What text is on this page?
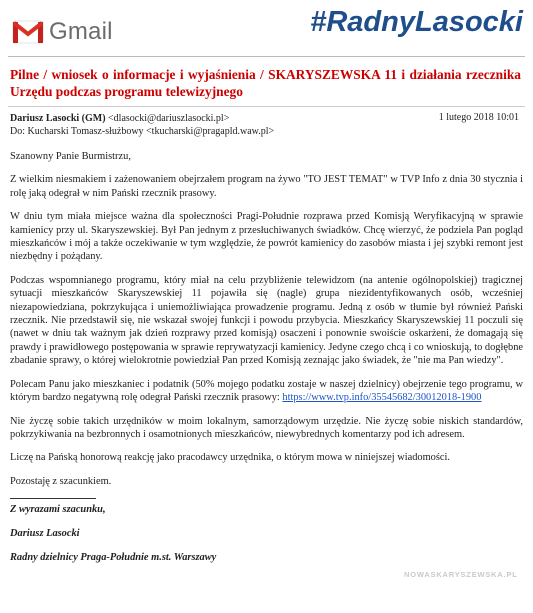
Gmail	#RadnyLasocki
Pilne / wniosek o informacje i wyjaśnienia / SKARYSZEWSKA 11 i działania rzecznika Urzędu podczas programu telewizyjnego
Dariusz Lasocki (GM) <dlasocki@dariuszlasocki.pl>	1 lutego 2018 10:01
Do: Kucharski Tomasz-służbowy <tkucharski@pragapld.waw.pl>

Szanowny Panie Burmistrzu,

Z wielkim niesmakiem i zażenowaniem obejrzałem program na żywo "TO JEST TEMAT" w TVP Info z dnia 30 stycznia i rolę jaką odegrał w nim Pański rzecznik prasowy.

W dniu tym miała miejsce ważna dla społeczności Pragi-Południe rozprawa przed Komisją Weryfikacyjną w sprawie kamienicy przy ul. Skaryszewskiej. Był Pan jednym z przesłuchiwanych świadków. Chcę wierzyć, że podziela Pan pogląd mieszkańców i mój a także oczekiwanie w tym względzie, że powrót kamienicy do zasobów miasta i jej szybki remont jest niezbędny i pożądany.

Podczas wspomnianego programu, który miał na celu przybliżenie telewidzom (na antenie ogólnopolskiej) tragicznej sytuacji mieszkańców Skaryszewskiej 11 pojawiła się (nagle) grupa niezidentyfikowanych osób, wcześniej niezapowiedziana, pokrzykująca i uniemożliwiająca prowadzenie programu. Jedną z osób w tłumie był również Pański rzecznik. Nie przedstawił się, nie wskazał swojej funkcji i powodu przybycia. Mieszkańcy Skaryszewskiej 11 poczuli się (nawet w dniu tak ważnym jak dzień rozprawy przed komisją) osaczeni i ponownie swoiście oskarżeni, że domagają się prawdy i prawidłowego postępowania w sprawie reprywatyzacji kamienicy. Jedyne czego chcą i co wnioskują, to dogłębne zbadanie sprawy, o której wielokrotnie powiedział Pan przed Komisją zeznając jako świadek, że "nie ma Pan wiedzy".

Polecam Panu jako mieszkaniec i podatnik (50% mojego podatku zostaje w naszej dzielnicy) obejrzenie tego programu, w którym bardzo negatywną rolę odegrał Pański rzecznik prasowy: https://www.tvp.info/35545682/30012018-1900

Nie życzę sobie takich urzędników w moim lokalnym, samorządowym urzędzie. Nie życzę sobie niskich standardów, pokrzykiwania na bezbronnych i osamotnionych mieszkańców, niewybrednych komentarzy pod ich adresem.

Liczę na Pańską honorową reakcję jako pracodawcy urzędnika, o którym mowa w niniejszej wiadomości.

Pozostaję z szacunkiem.

Z wyrazami szacunku,

Dariusz Lasocki

Radny dzielnicy Praga-Południe m.st. Warszawy

NOWASKARYSZEWSKA.PL
